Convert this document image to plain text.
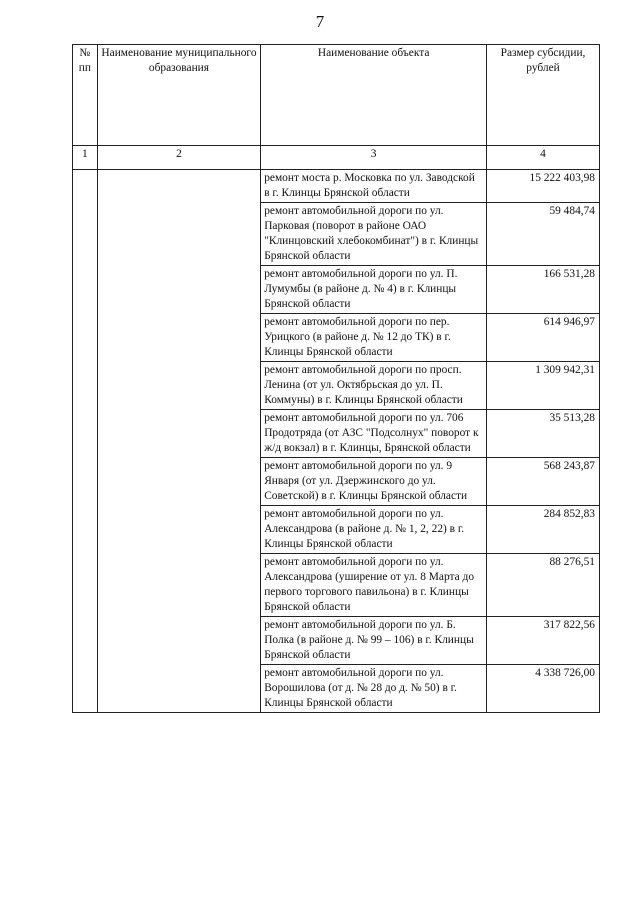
7
№ пп	Наименование муниципального образования	Наименование объекта	Размер субсидии, рублей
1	2	3	4
		ремонт моста р. Московка по ул. Заводской в г. Клинцы Брянской области	15 222 403,98
		ремонт автомобильной дороги по ул. Парковая (поворот в районе ОАО "Клинцовский хлебокомбинат") в г. Клинцы Брянской области	59 484,74
		ремонт автомобильной дороги по ул. П. Лумумбы (в районе д. № 4) в г. Клинцы Брянской области	166 531,28
		ремонт автомобильной дороги по пер. Урицкого (в районе д. № 12 до ТК) в г. Клинцы Брянской области	614 946,97
		ремонт автомобильной дороги по просп. Ленина (от ул. Октябрьская до ул. П. Коммуны) в г. Клинцы Брянской области	1 309 942,31
		ремонт автомобильной дороги по ул. 706 Продотряда (от АЗС "Подсолнух" поворот к ж/д вокзал) в г. Клинцы, Брянской области	35 513,28
		ремонт автомобильной дороги по ул. 9 Января (от ул. Дзержинского до ул. Советской) в г. Клинцы Брянской области	568 243,87
		ремонт автомобильной дороги по ул. Александрова (в районе д. № 1, 2, 22) в г. Клинцы Брянской области	284 852,83
		ремонт автомобильной дороги по ул. Александрова (уширение от ул. 8 Марта до первого торгового павильона) в г. Клинцы Брянской области	88 276,51
		ремонт автомобильной дороги по ул. Б. Полка (в районе д. № 99 – 106) в г. Клинцы Брянской области	317 822,56
		ремонт автомобильной дороги по ул. Ворошилова (от д. № 28 до д. № 50) в г. Клинцы Брянской области	4 338 726,00
